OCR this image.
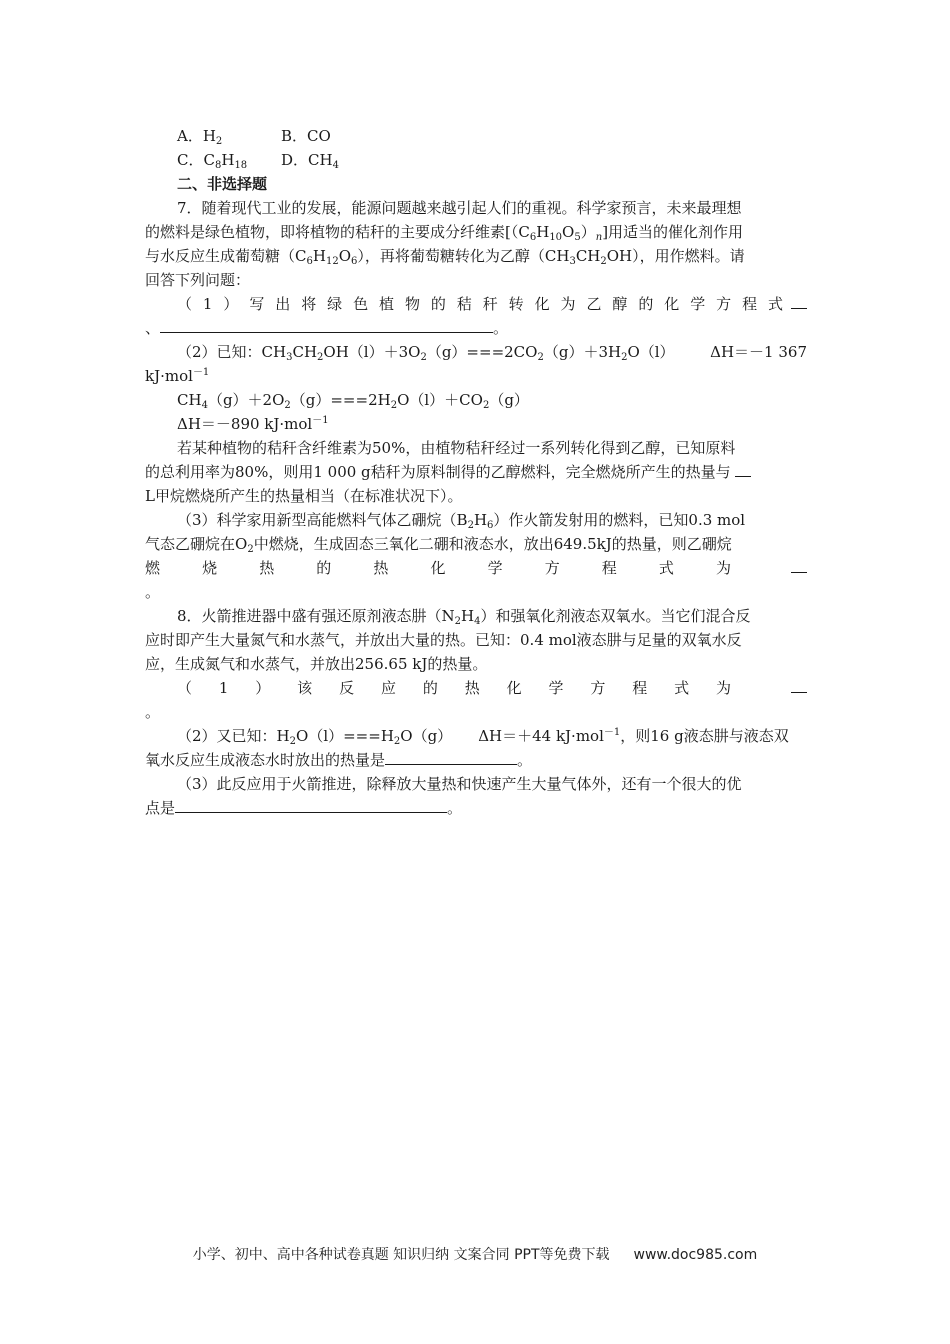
A．$H_2$	B．CO
C．$C_8H_{18}$ D．$CH_4$
二、非选择题
7．随着现代工业的发展，能源问题越来越引起人们的重视。科学家预言，未来最理想
的燃料是绿色植物，即将植物的秸秆的主要成分纤维素$[(C_6H_{10}O_5)_n]$用适当的催化剂作用
与水反应生成葡萄糖$(C_6H_{12}O_6)$，再将葡萄糖转化为乙醇$(CH_3CH_2OH)$，用作燃料。请
回答下列问题：
（1）写出将绿色植物的秸秆转化为乙醇的化学方程式
、	。
（2）已知：$CH_3CH_2OH(l)+3O_2(g)===2CO_2(g)+3H_2O(l)$ ΔH＝－1 367
kJ·mol$^{-1}$
$CH_4(g)+2O_2(g)===2H_2O(l)+CO_2(g)$
ΔH＝－890 kJ·mol$^{-1}$
若某种植物的秸秆含纤维素为50%，由植物秸秆经过一系列转化得到乙醇，已知原料
的总利用率为80%，则用1 000 g秸秆为原料制得的乙醇燃料，完全燃烧所产生的热量与
L甲烷燃烧所产生的热量相当（在标准状况下）。
（3）科学家用新型高能燃料气体乙硼烷$(B_2H_6)$作火箭发射用的燃料，已知0.3 mol
气态乙硼烷在$O_2$中燃烧，生成固态三氧化二硼和液态水，放出649.5kJ的热量，则乙硼烷
燃烧热的热化学方程式为
。
8．火箭推进器中盛有强还原剂液态肼$(N_2H_4)$和强氧化剂液态双氧水。当它们混合反
应时即产生大量氮气和水蒸气，并放出大量的热。已知：0.4 mol液态肼与足量的双氧水反
应，生成氮气和水蒸气，并放出256.65 kJ的热量。
（1）该反应的热化学方程式为
。
（2）又已知：$H_2O(l)===H_2O(g)$ ΔH＝＋44 kJ·mol$^{-1}$，则16 g液态肼与液态双
氧水反应生成液态水时放出的热量是	。
（3）此反应用于火箭推进，除释放大量热和快速产生大量气体外，还有一个很大的优
点是	。
小学、初中、高中各种试卷真题 知识归纳 文案合同 PPT等免费下载 www.doc985.com
